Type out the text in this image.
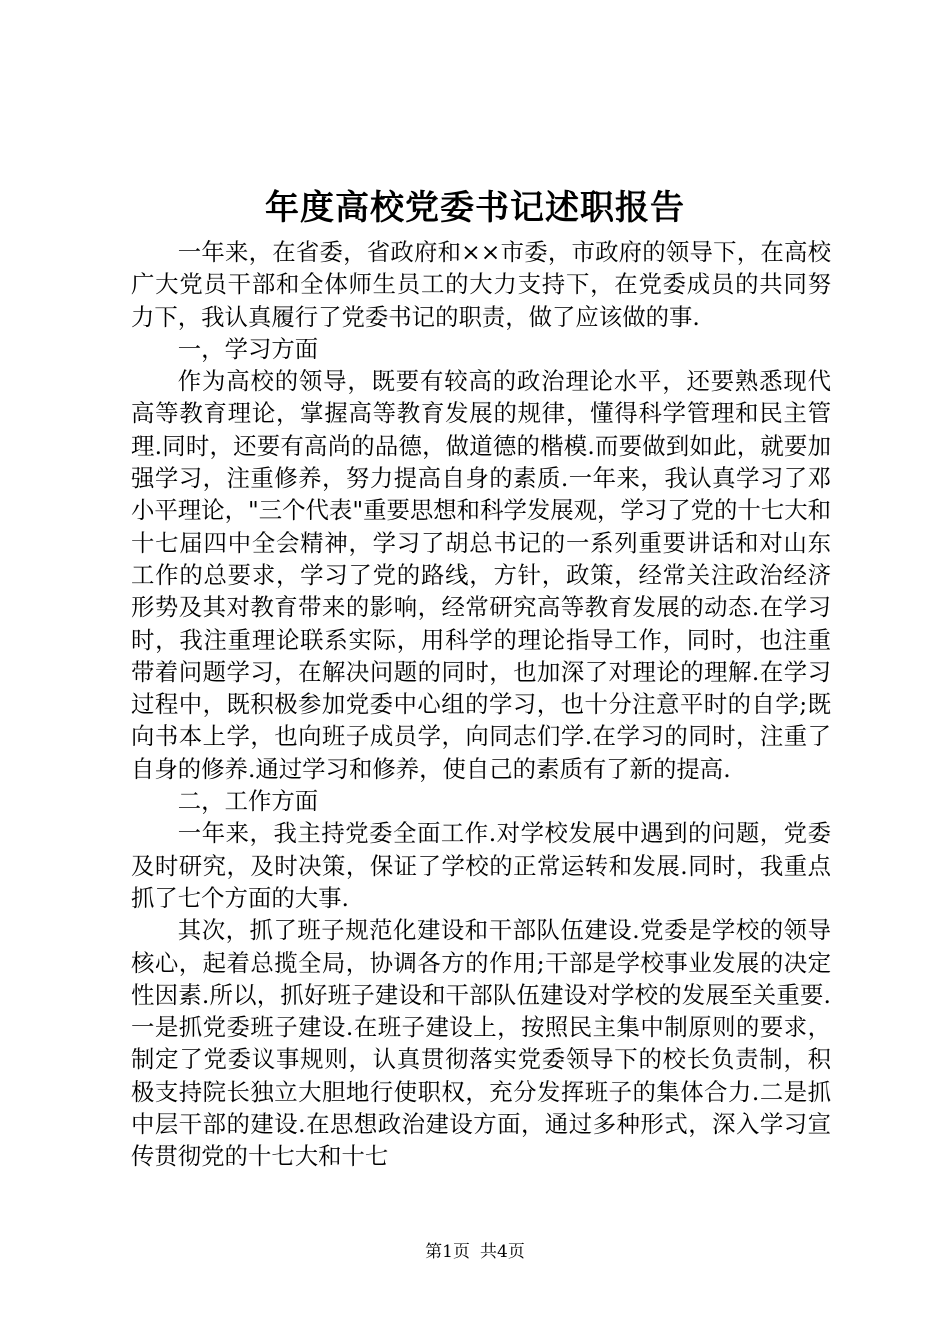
年度高校党委书记述职报告

一年来，在省委，省政府和××市委，市政府的领导下，在高校广大党员干部和全体师生员工的大力支持下，在党委成员的共同努力下，我认真履行了党委书记的职责，做了应该做的事.

一，学习方面

作为高校的领导，既要有较高的政治理论水平，还要熟悉现代高等教育理论，掌握高等教育发展的规律，懂得科学管理和民主管理.同时，还要有高尚的品德，做道德的楷模.而要做到如此，就要加强学习，注重修养，努力提高自身的素质.一年来，我认真学习了邓小平理论，"三个代表"重要思想和科学发展观，学习了党的十七大和十七届四中全会精神，学习了胡总书记的一系列重要讲话和对山东工作的总要求，学习了党的路线，方针，政策，经常关注政治经济形势及其对教育带来的影响，经常研究高等教育发展的动态.在学习时，我注重理论联系实际，用科学的理论指导工作，同时，也注重带着问题学习，在解决问题的同时，也加深了对理论的理解.在学习过程中，既积极参加党委中心组的学习，也十分注意平时的自学;既向书本上学，也向班子成员学，向同志们学.在学习的同时，注重了自身的修养.通过学习和修养，使自己的素质有了新的提高.

二，工作方面

一年来，我主持党委全面工作.对学校发展中遇到的问题，党委及时研究，及时决策，保证了学校的正常运转和发展.同时，我重点抓了七个方面的大事.

其次，抓了班子规范化建设和干部队伍建设.党委是学校的领导核心，起着总揽全局，协调各方的作用;干部是学校事业发展的决定性因素.所以，抓好班子建设和干部队伍建设对学校的发展至关重要.一是抓党委班子建设.在班子建设上，按照民主集中制原则的要求，制定了党委议事规则，认真贯彻落实党委领导下的校长负责制，积极支持院长独立大胆地行使职权，充分发挥班子的集体合力.二是抓中层干部的建设.在思想政治建设方面，通过多种形式，深入学习宣传贯彻党的十七大和十七

第1页 共4页
